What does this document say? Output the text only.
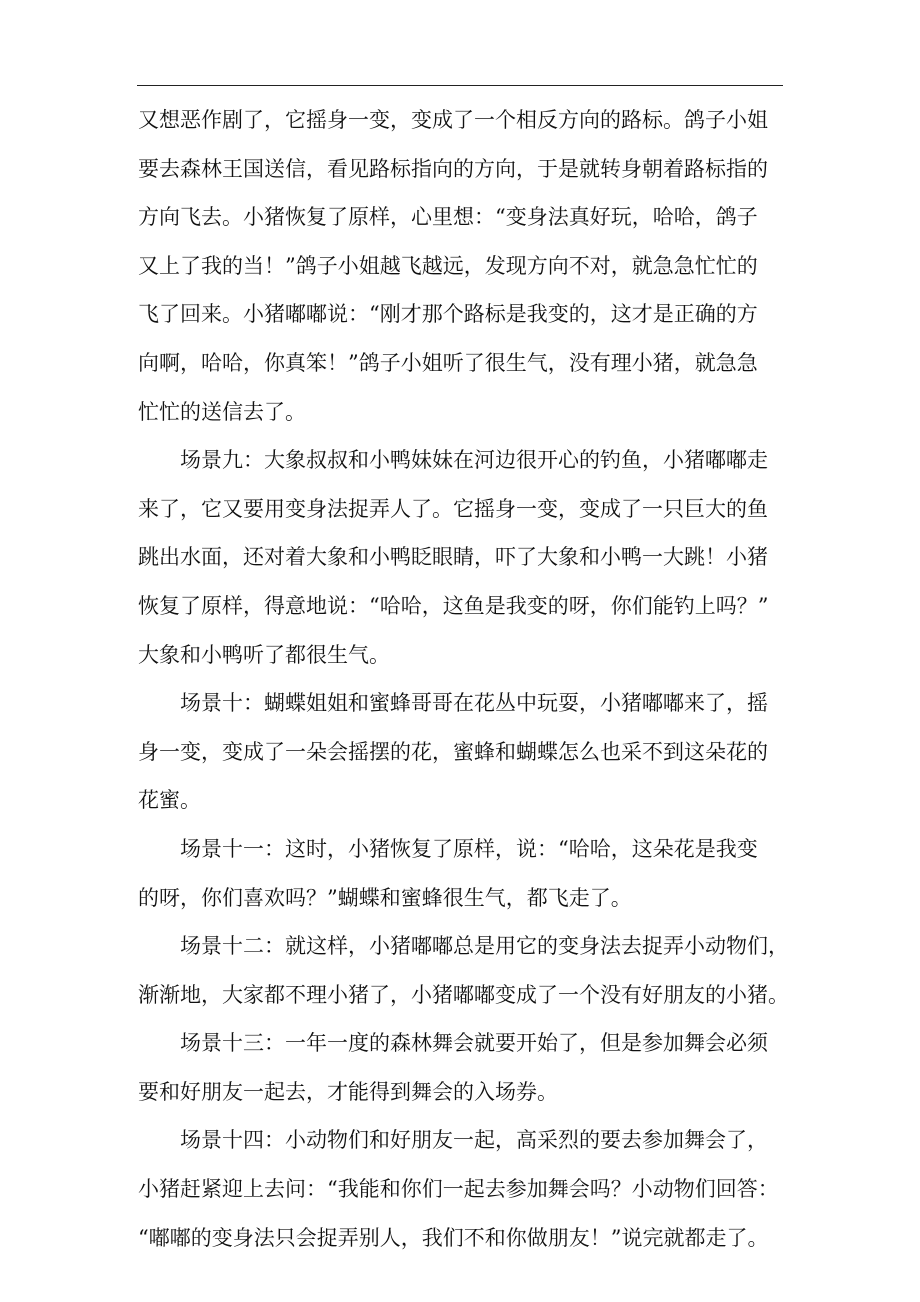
又想恶作剧了，它摇身一变，变成了一个相反方向的路标。鸽子小姐
要去森林王国送信，看见路标指向的方向，于是就转身朝着路标指的
方向飞去。小猪恢复了原样，心里想：“变身法真好玩，哈哈，鸽子
又上了我的当！”鸽子小姐越飞越远，发现方向不对，就急急忙忙的
飞了回来。小猪嘟嘟说：“刚才那个路标是我变的，这才是正确的方
向啊，哈哈，你真笨！”鸽子小姐听了很生气，没有理小猪，就急急
忙忙的送信去了。
场景九：大象叔叔和小鸭妹妹在河边很开心的钓鱼，小猪嘟嘟走
来了，它又要用变身法捉弄人了。它摇身一变，变成了一只巨大的鱼
跳出水面，还对着大象和小鸭眨眼睛，吓了大象和小鸭一大跳！小猪
恢复了原样，得意地说：“哈哈，这鱼是我变的呀，你们能钓上吗？”
大象和小鸭听了都很生气。
场景十：蝴蝶姐姐和蜜蜂哥哥在花丛中玩耍，小猪嘟嘟来了，摇
身一变，变成了一朵会摇摆的花，蜜蜂和蝴蝶怎么也采不到这朵花的
花蜜。
场景十一：这时，小猪恢复了原样，说：“哈哈，这朵花是我变
的呀，你们喜欢吗？”蝴蝶和蜜蜂很生气，都飞走了。
场景十二：就这样，小猪嘟嘟总是用它的变身法去捉弄小动物们，
渐渐地，大家都不理小猪了，小猪嘟嘟变成了一个没有好朋友的小猪。
场景十三：一年一度的森林舞会就要开始了，但是参加舞会必须
要和好朋友一起去，才能得到舞会的入场券。
场景十四：小动物们和好朋友一起，高采烈的要去参加舞会了，
小猪赶紧迎上去问：“我能和你们一起去参加舞会吗？小动物们回答：
“嘟嘟的变身法只会捉弄别人，我们不和你做朋友！”说完就都走了。
